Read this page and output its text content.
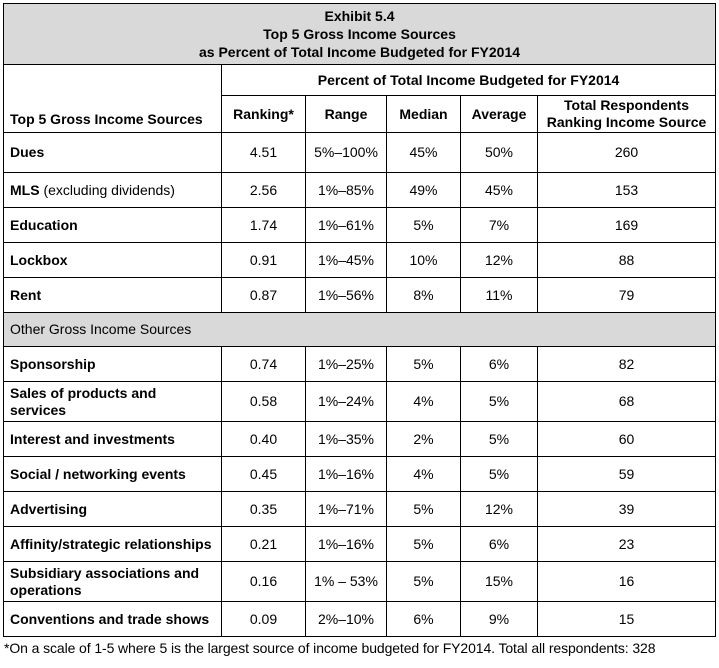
Exhibit 5.4
Top 5 Gross Income Sources
as Percent of Total Income Budgeted for FY2014					

Top 5 Gross Income Sources	Percent of Total Income Budgeted for FY2014				
	Ranking*	Range	Median	Average	Total Respondents Ranking Income Source
Dues	4.51	5%–100%	45%	50%	260
MLS (excluding dividends)	2.56	1%–85%	49%	45%	153
Education	1.74	1%–61%	5%	7%	169
Lockbox	0.91	1%–45%	10%	12%	88
Rent	0.87	1%–56%	8%	11%	79
Other Gross Income Sources					
Sponsorship	0.74	1%–25%	5%	6%	82
Sales of products and services	0.58	1%–24%	4%	5%	68
Interest and investments	0.40	1%–35%	2%	5%	60
Social / networking events	0.45	1%–16%	4%	5%	59
Advertising	0.35	1%–71%	5%	12%	39
Affinity/strategic relationships	0.21	1%–16%	5%	6%	23
Subsidiary associations and operations	0.16	1% – 53%	5%	15%	16
Conventions and trade shows	0.09	2%–10%	6%	9%	15
*On a scale of 1-5 where 5 is the largest source of income budgeted for FY2014. Total all respondents: 328
